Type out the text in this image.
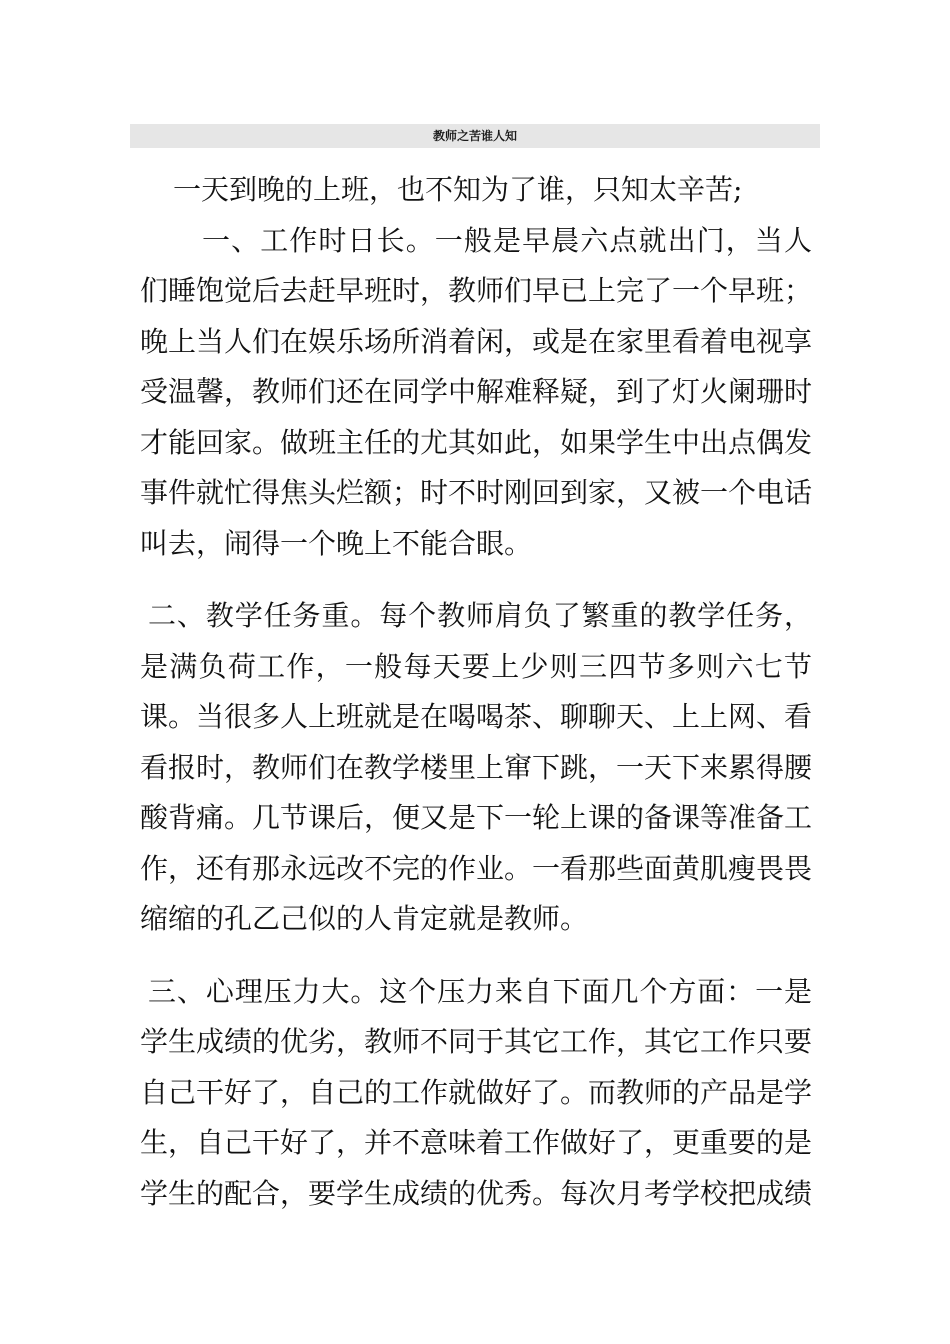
教师之苦谁人知
一天到晚的上班，也不知为了谁，只知太辛苦;

一、工作时日长。一般是早晨六点就出门，当人们睡饱觉后去赶早班时，教师们早已上完了一个早班；晚上当人们在娱乐场所消着闲，或是在家里看着电视享受温馨，教师们还在同学中解难释疑，到了灯火阑珊时才能回家。做班主任的尤其如此，如果学生中出点偶发事件就忙得焦头烂额；时不时刚回到家，又被一个电话叫去，闹得一个晚上不能合眼。

二、教学任务重。每个教师肩负了繁重的教学任务，是满负荷工作，一般每天要上少则三四节多则六七节课。当很多人上班就是在喝喝茶、聊聊天、上上网、看看报时，教师们在教学楼里上窜下跳，一天下来累得腰酸背痛。几节课后，便又是下一轮上课的备课等准备工作，还有那永远改不完的作业。一看那些面黄肌瘦畏畏缩缩的孔乙己似的人肯定就是教师。

三、心理压力大。这个压力来自下面几个方面：一是学生成绩的优劣，教师不同于其它工作，其它工作只要自己干好了，自己的工作就做好了。而教师的产品是学生，自己干好了，并不意味着工作做好了，更重要的是学生的配合，要学生成绩的优秀。每次月考学校把成绩
